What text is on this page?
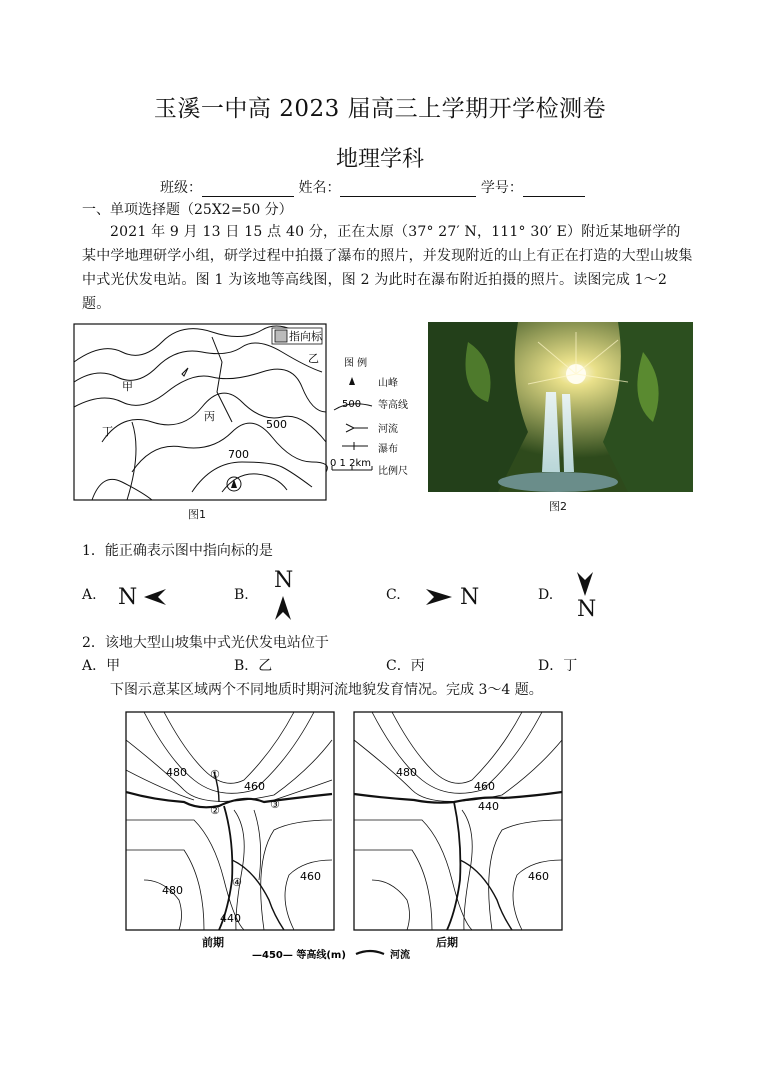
玉溪一中高 2023 届高三上学期开学检测卷
地理学科
班级：	姓名：	学号：
一、单项选择题（25X2=50 分）
2021 年 9 月 13 日 15 点 40 分，正在太原（37° 27′ N，111° 30′ E）附近某地研学的某中学地理研学小组，研学过程中拍摄了瀑布的照片，并发现附近的山上有正在打造的大型山坡集中式光伏发电站。图 1 为该地等高线图，图 2 为此时在瀑布附近拍摄的照片。读图完成 1～2 题。
指向标
甲
乙
丙
丁
500
700
图 例
山峰
500 等高线
河流
瀑布
0 1 2km
比例尺
图1
图2
1．能正确表示图中指向标的是
A. N	B.
N
C.	N	D.
N
2．该地大型山坡集中式光伏发电站位于
A．甲	B．乙	C．丙	D．丁
下图示意某区域两个不同地质时期河流地貌发育情况。完成 3～4 题。
①
②	③
④
480
460
440
460
480
480
460
440
460
前期	后期
—450— 等高线(m)	河流
